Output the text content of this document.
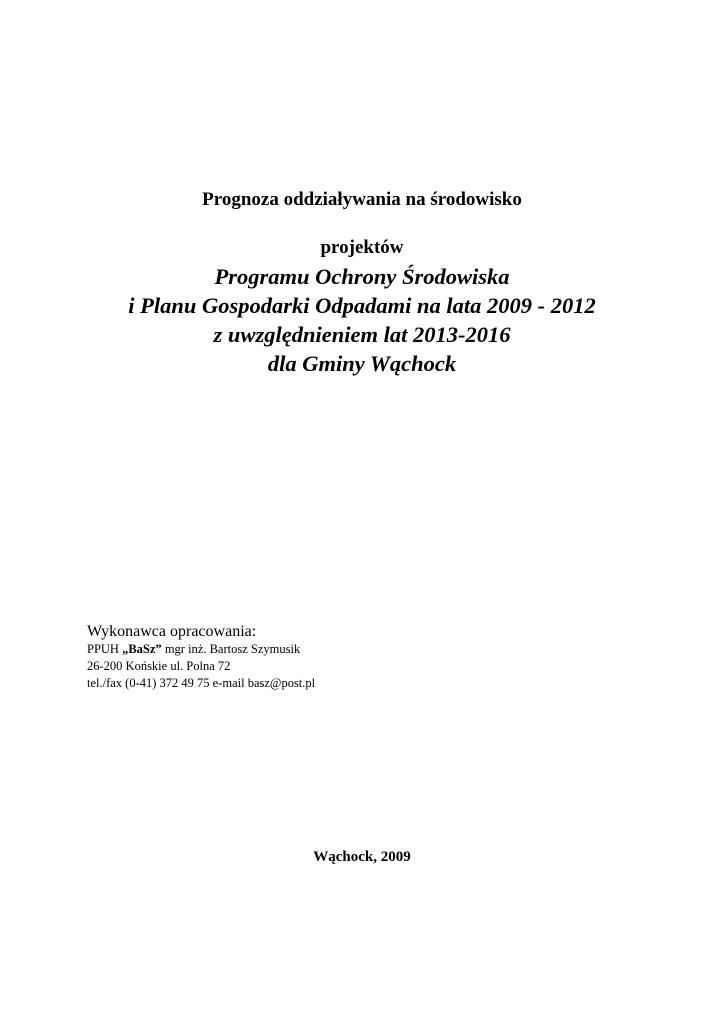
Prognoza oddziaływania na środowisko
projektów
Programu Ochrony Środowiska
i Planu Gospodarki Odpadami na lata 2009 - 2012
z uwzględnieniem lat 2013-2016
dla Gminy Wąchock
Wykonawca opracowania:
PPUH „BaSz” mgr inż. Bartosz Szymusik
26-200 Końskie ul. Polna 72
tel./fax (0-41) 372 49 75 e-mail basz@post.pl
Wąchock, 2009
